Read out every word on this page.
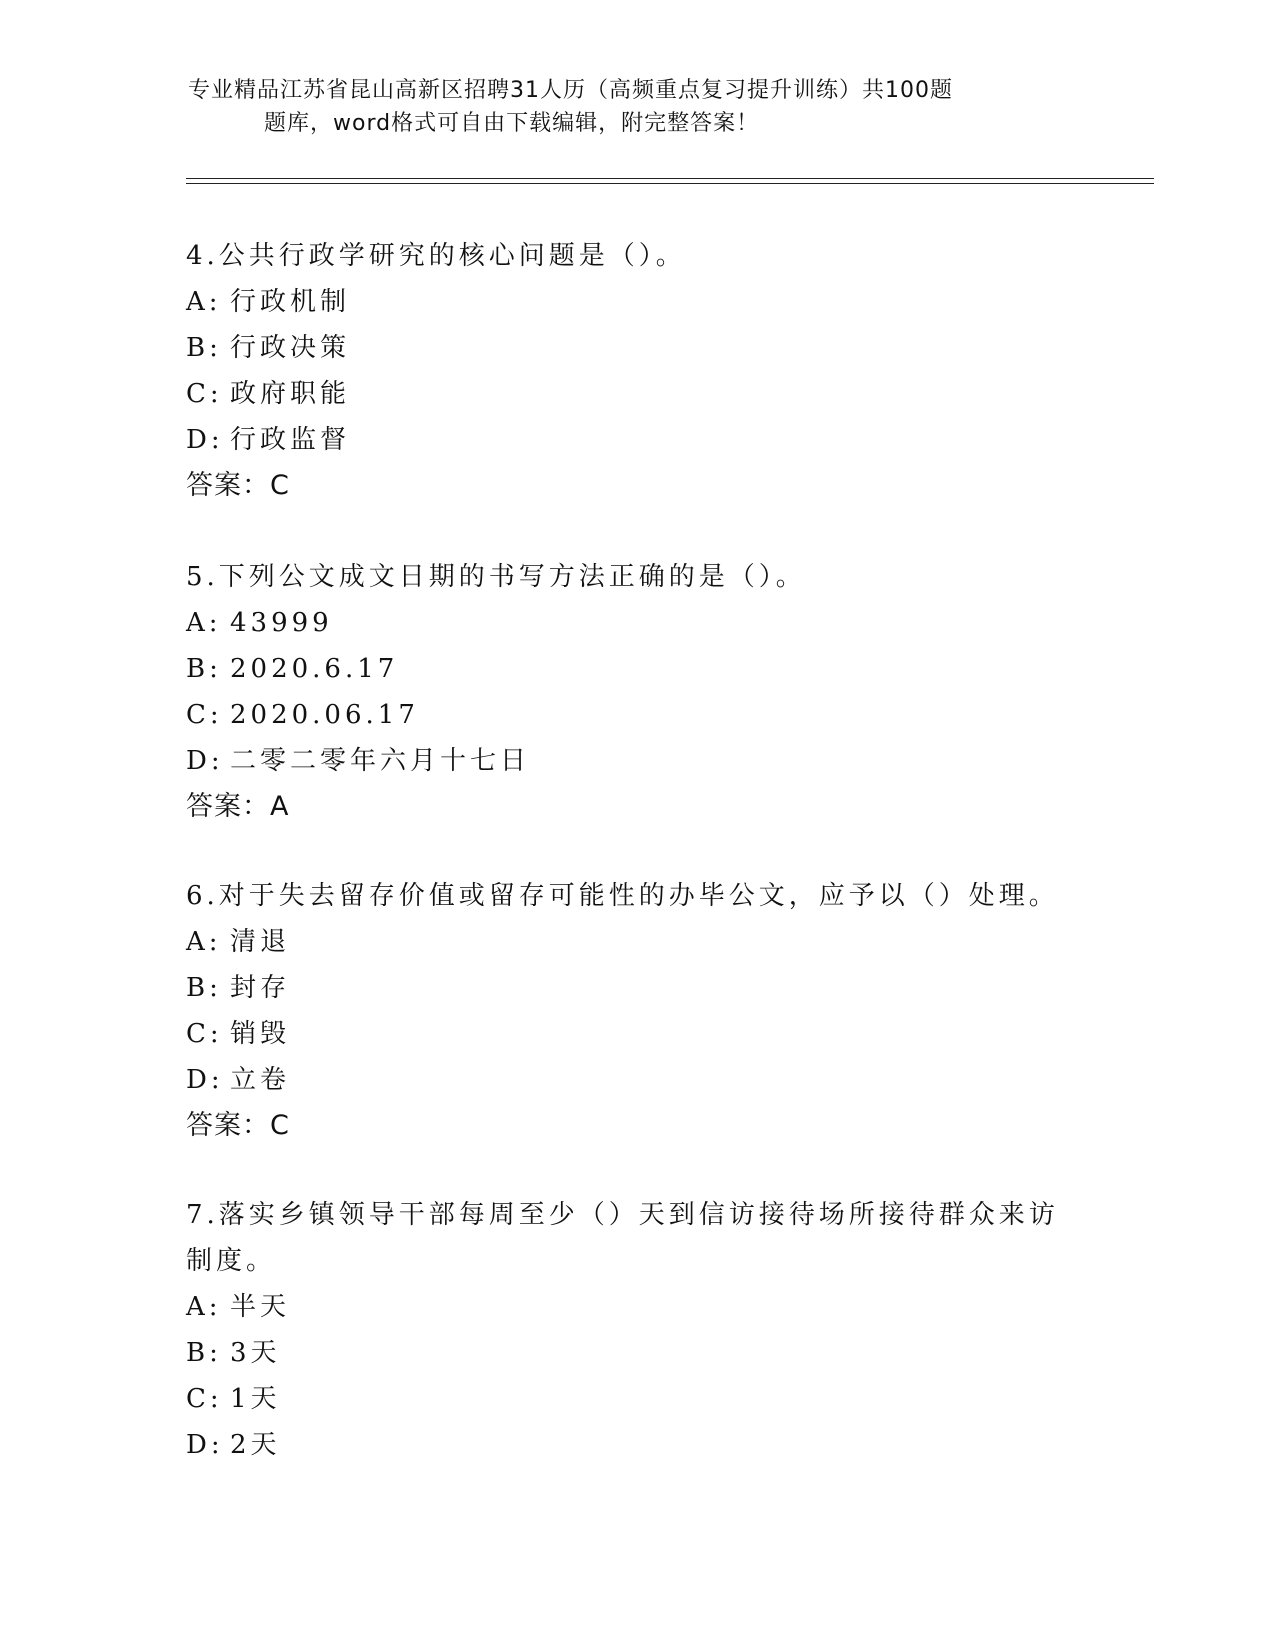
专业精品江苏省昆山高新区招聘31人历（高频重点复习提升训练）共100题
题库，word格式可自由下载编辑，附完整答案！
4.公共行政学研究的核心问题是（）。
A: 行政机制
B: 行政决策
C: 政府职能
D: 行政监督
答案：C
5.下列公文成文日期的书写方法正确的是（）。
A: 43999
B: 2020.6.17
C: 2020.06.17
D: 二零二零年六月十七日
答案：A
6.对于失去留存价值或留存可能性的办毕公文，应予以（）处理。
A: 清退
B: 封存
C: 销毁
D: 立卷
答案：C
7.落实乡镇领导干部每周至少（）天到信访接待场所接待群众来访制度。
A: 半天
B: 3天
C: 1天
D: 2天
